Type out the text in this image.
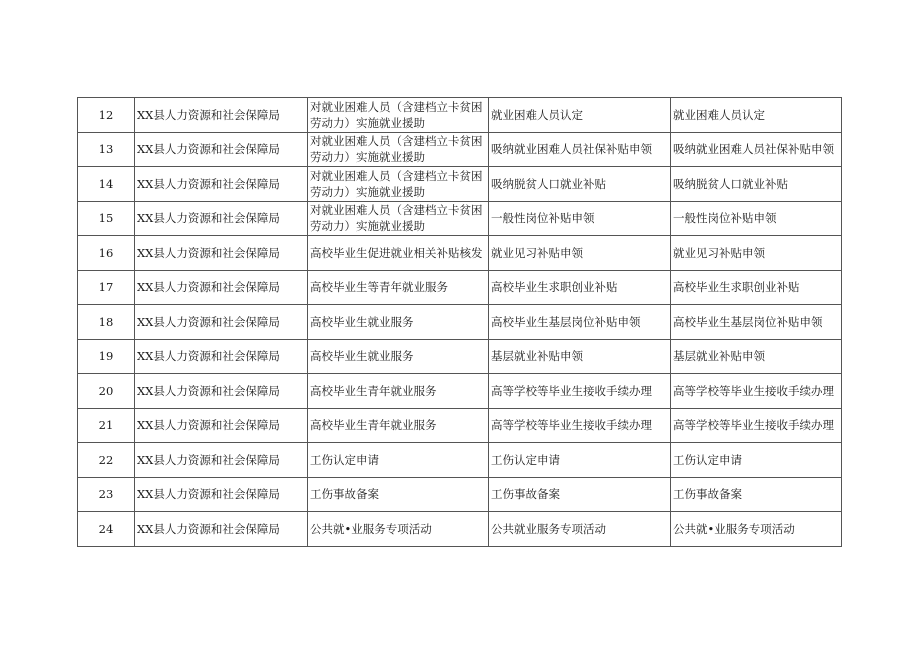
12	XX县人力资源和社会保障局	对就业困难人员（含建档立卡贫困劳动力）实施就业援助	就业困难人员认定	就业困难人员认定
13	XX县人力资源和社会保障局	对就业困难人员（含建档立卡贫困劳动力）实施就业援助	吸纳就业困难人员社保补贴申领	吸纳就业困难人员社保补贴申领
14	XX县人力资源和社会保障局	对就业困难人员（含建档立卡贫困劳动力）实施就业援助	吸纳脱贫人口就业补贴	吸纳脱贫人口就业补贴
15	XX县人力资源和社会保障局	对就业困难人员（含建档立卡贫困劳动力）实施就业援助	一般性岗位补贴申领	一般性岗位补贴申领
16	XX县人力资源和社会保障局	高校毕业生促进就业相关补贴核发	就业见习补贴申领	就业见习补贴申领
17	XX县人力资源和社会保障局	高校毕业生等青年就业服务	高校毕业生求职创业补贴	高校毕业生求职创业补贴
18	XX县人力资源和社会保障局	高校毕业生就业服务	高校毕业生基层岗位补贴申领	高校毕业生基层岗位补贴申领
19	XX县人力资源和社会保障局	高校毕业生就业服务	基层就业补贴申领	基层就业补贴申领
20	XX县人力资源和社会保障局	高校毕业生青年就业服务	高等学校等毕业生接收手续办理	高等学校等毕业生接收手续办理
21	XX县人力资源和社会保障局	高校毕业生青年就业服务	高等学校等毕业生接收手续办理	高等学校等毕业生接收手续办理
22	XX县人力资源和社会保障局	工伤认定申请	工伤认定申请	工伤认定申请
23	XX县人力资源和社会保障局	工伤事故备案	工伤事故备案	工伤事故备案
24	XX县人力资源和社会保障局	公共就•业服务专项活动	公共就业服务专项活动	公共就•业服务专项活动
